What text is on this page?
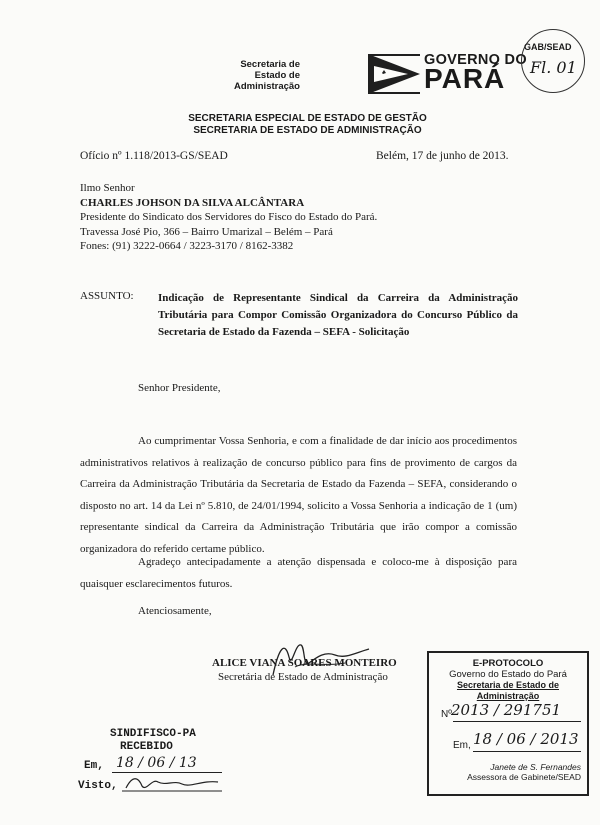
Secretaria de
Estado de
Administração
GOVERNO DO
PARÁ
GAB/SEAD
Fl. 01
SECRETARIA ESPECIAL DE ESTADO DE GESTÃO
SECRETARIA DE ESTADO DE ADMINISTRAÇÃO
Ofício nº 1.118/2013-GS/SEAD	Belém, 17 de junho de 2013.
Ilmo Senhor
CHARLES JOHSON DA SILVA ALCÂNTARA
Presidente do Sindicato dos Servidores do Fisco do Estado do Pará.
Travessa José Pio, 366 – Bairro Umarizal – Belém – Pará
Fones: (91) 3222-0664 / 3223-3170 / 8162-3382
ASSUNTO: Indicação de Representante Sindical da Carreira da Administração Tributária para Compor Comissão Organizadora do Concurso Público da Secretaria de Estado da Fazenda – SEFA - Solicitação
Senhor Presidente,
Ao cumprimentar Vossa Senhoria, e com a finalidade de dar início aos procedimentos administrativos relativos à realização de concurso público para fins de provimento de cargos da Carreira da Administração Tributária da Secretaria de Estado da Fazenda – SEFA, considerando o disposto no art. 14 da Lei nº 5.810, de 24/01/1994, solicito a Vossa Senhoria a indicação de 1 (um) representante sindical da Carreira da Administração Tributária que irão compor a comissão organizadora do referido certame público.
Agradeço antecipadamente a atenção dispensada e coloco-me à disposição para quaisquer esclarecimentos futuros.
Atenciosamente,
ALICE VIANA SOARES MONTEIRO
Secretária de Estado de Administração
SINDIFISCO-PA
RECEBIDO
Em, 18 / 06 / 13
Visto,
E-PROTOCOLO
Governo do Estado do Pará
Secretaria de Estado de Administração
Nº 2013 / 291751
Em, 18 / 06 / 2013
Janete de S. Fernandes
Assessora de Gabinete/SEAD
